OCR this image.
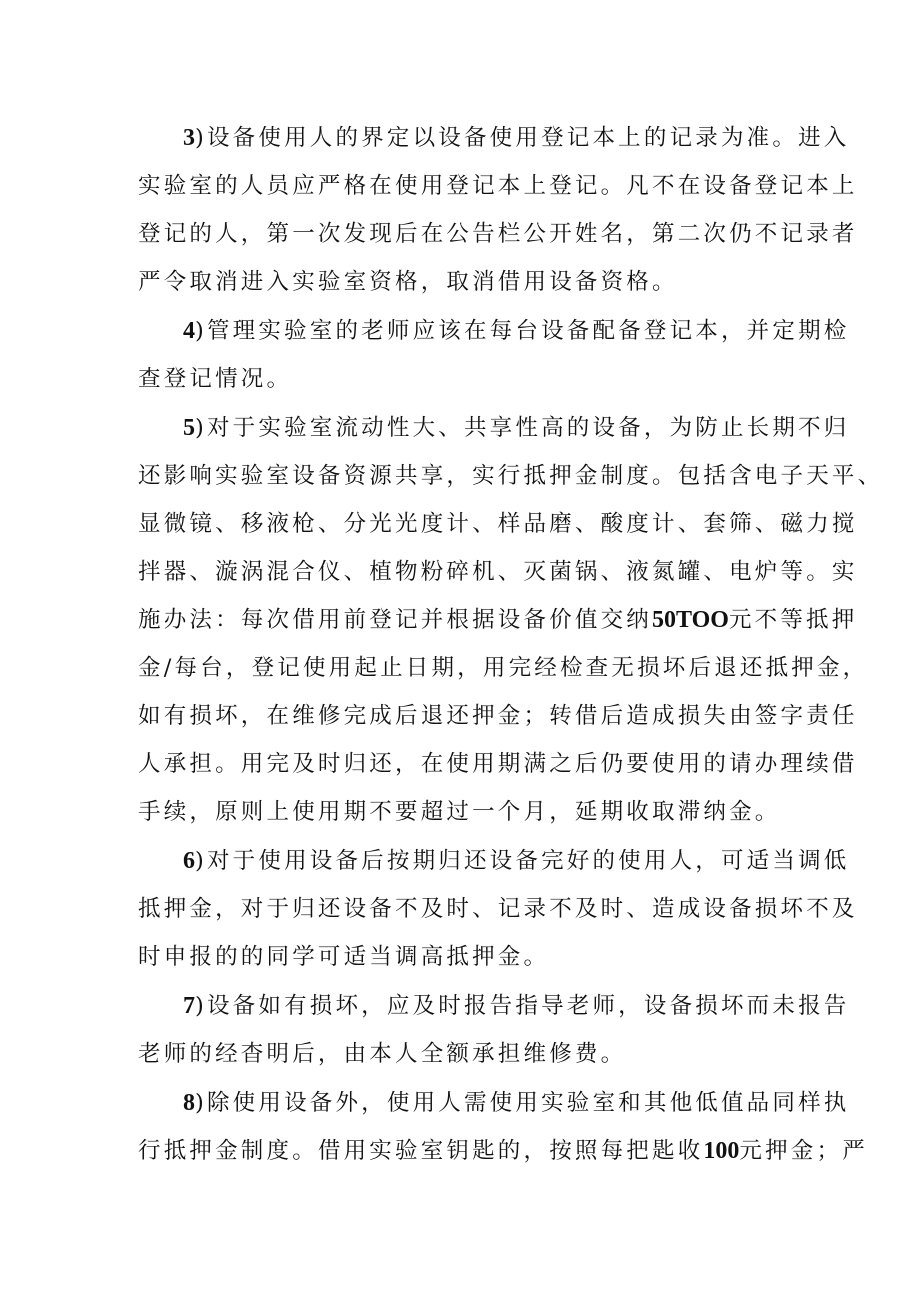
3)设备使用人的界定以设备使用登记本上的记录为准。进入
实验室的人员应严格在使用登记本上登记。凡不在设备登记本上
登记的人，第一次发现后在公告栏公开姓名，第二次仍不记录者
严令取消进入实验室资格，取消借用设备资格。
4)管理实验室的老师应该在每台设备配备登记本，并定期检
查登记情况。
5)对于实验室流动性大、共享性高的设备，为防止长期不归
还影响实验室设备资源共享，实行抵押金制度。包括含电子天平、
显微镜、移液枪、分光光度计、样品磨、酸度计、套筛、磁力搅
拌器、漩涡混合仪、植物粉碎机、灭菌锅、液氮罐、电炉等。实
施办法：每次借用前登记并根据设备价值交纳50TOO元不等抵押
金/每台，登记使用起止日期，用完经检查无损坏后退还抵押金，
如有损坏，在维修完成后退还押金；转借后造成损失由签字责任
人承担。用完及时归还，在使用期满之后仍要使用的请办理续借
手续，原则上使用期不要超过一个月，延期收取滞纳金。
6)对于使用设备后按期归还设备完好的使用人，可适当调低
抵押金，对于归还设备不及时、记录不及时、造成设备损坏不及
时申报的的同学可适当调高抵押金。
7)设备如有损坏，应及时报告指导老师，设备损坏而未报告
老师的经杳明后，由本人全额承担维修费。
8)除使用设备外，使用人需使用实验室和其他低值品同样执
行抵押金制度。借用实验室钥匙的，按照每把匙收100元押金；严
